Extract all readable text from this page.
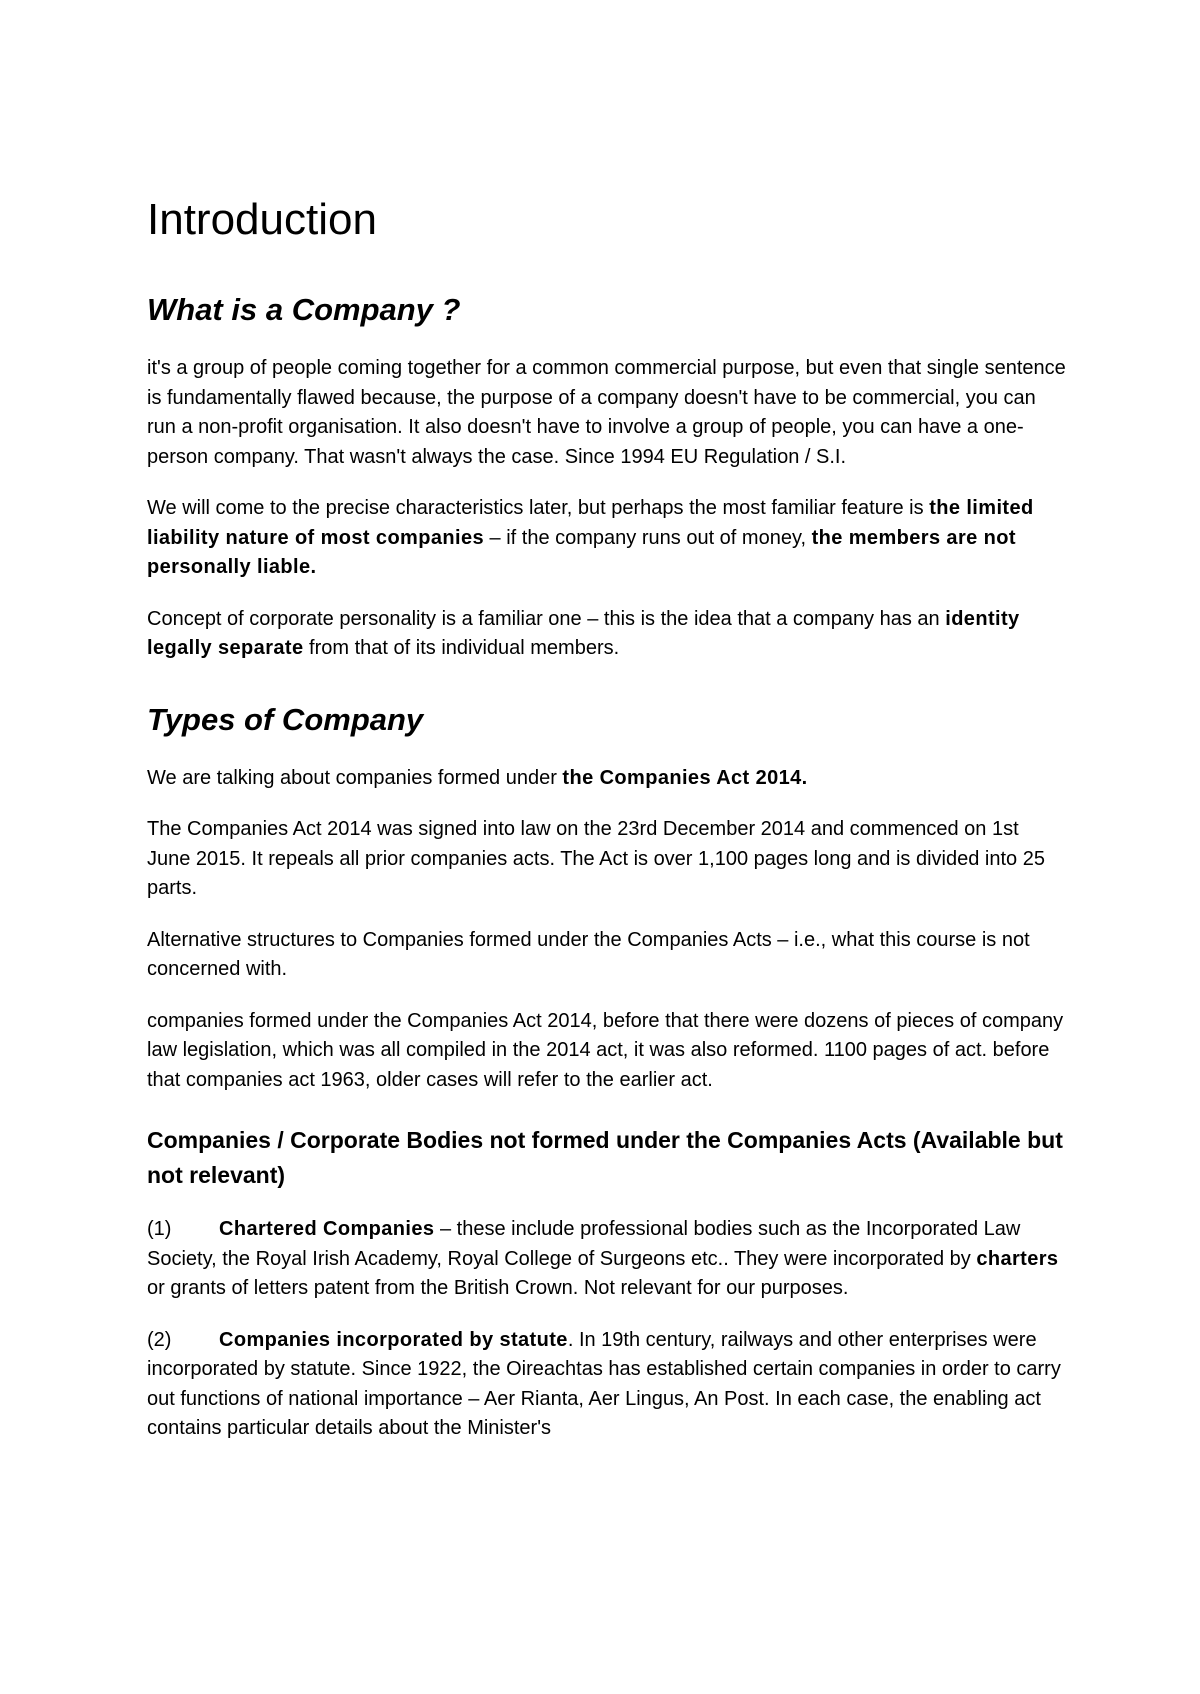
Introduction
What is a Company ?

it's a group of people coming together for a common commercial purpose, but even that single sentence is fundamentally flawed because, the purpose of a company doesn't have to be commercial, you can run a non-profit organisation. It also doesn't have to involve a group of people, you can have a one-person company. That wasn't always the case. Since 1994 EU Regulation / S.I.

We will come to the precise characteristics later, but perhaps the most familiar feature is the limited liability nature of most companies – if the company runs out of money, the members are not personally liable.

Concept of corporate personality is a familiar one – this is the idea that a company has an identity legally separate from that of its individual members.

Types of Company

We are talking about companies formed under the Companies Act 2014.

The Companies Act 2014 was signed into law on the 23rd December 2014 and commenced on 1st June 2015. It repeals all prior companies acts. The Act is over 1,100 pages long and is divided into 25 parts.

Alternative structures to Companies formed under the Companies Acts – i.e., what this course is not concerned with.

companies formed under the Companies Act 2014, before that there were dozens of pieces of company law legislation, which was all compiled in the 2014 act, it was also reformed. 1100 pages of act. before that companies act 1963, older cases will refer to the earlier act.

Companies / Corporate Bodies not formed under the Companies Acts (Available but not relevant)

(1) Chartered Companies – these include professional bodies such as the Incorporated Law Society, the Royal Irish Academy, Royal College of Surgeons etc.. They were incorporated by charters or grants of letters patent from the British Crown. Not relevant for our purposes.

(2) Companies incorporated by statute. In 19th century, railways and other enterprises were incorporated by statute. Since 1922, the Oireachtas has established certain companies in order to carry out functions of national importance – Aer Rianta, Aer Lingus, An Post. In each case, the enabling act contains particular details about the Minister's
